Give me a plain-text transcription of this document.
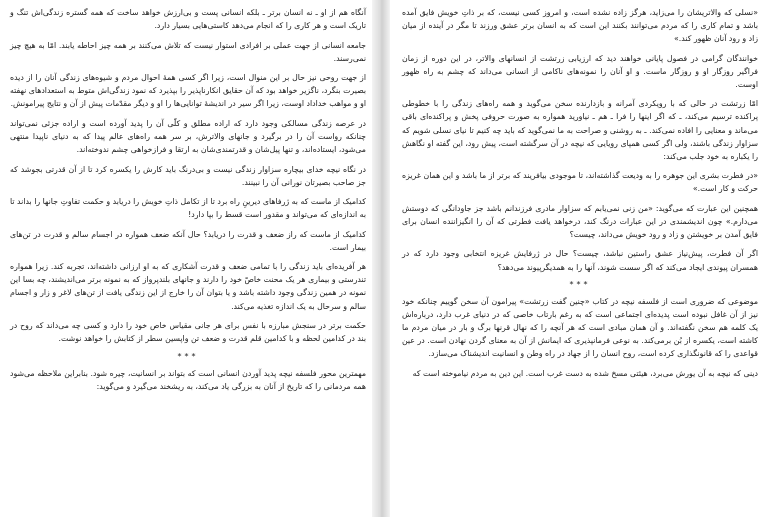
آنگاه هم از او ـ نه انسان برتر ـ بلکه انسانی پست و بی‌ارزش خواهد ساخت که همه گستره زندگی‌اش تنگ و تاریک است و هر کاری را که انجام می‌دهد کاستی‌هایی بسیار دارد.

جامعه انسانی از جهت عملی بر افرادی استوار نیست که تلاش می‌کنند بر همه چیز احاطه یابند. امّا به هیچ چیز نمی‌رسند.

از جهت روحی نیز حال بر این منوال است، زیرا اگر کسی همهٔ احوال مردم و شیوه‌های زندگی آنان را از دیده بصیرت بنگرد، ناگزیر خواهد بود که آن حقایق انکارناپذیر را بپذیرد که نمود زندگی‌اش متوط به استعدادهای نهفته او و مواهب خداداد اوست، زیرا اگر سیر در اندیشهٔ توانایی‌ها را او و دیگر مقدّمات پیش از آن و نتایج پیرامونش.

در عرصه زندگی مسالکی وجود دارد که اراده مطلق و کلّی آن را پدید آورده است و اراده جزئی نمی‌تواند چنانکه روا‌ست آن را در برگیرد و جانهای والاترش، بر سر همه راه‌های عالم پیدا که به دنیای ناپیدا منتهی می‌شود، ایستاده‌اند، و تنها پیل‌شان و قدرتمندی‌شان به ارتقا و فرازخواهی چشم ندوخته‌اند.

در نگاه نیچه خدای بیچاره سزاوار زندگی نیست و بی‌درنگ باید کارش را یکسره کرد تا از آن قدرتی بجوشد که جز صاحب بصیرتان نورانی آن را نبینند.

کدامیک از ماست که به ژرفاهای دیرینِ راه برد تا از تکامل ذاتِ خویش را دریابد و حکمت تفاوتِ جانها را بداند تا به اندازه‌ای که می‌تواند و مقدور است قسط را بپا دارد!

کدامیک از ماست که راز ضعف و قدرت را دریابد؟ حال آنکه ضعف همواره در اجسام سالم و قدرت در تن‌های بیمار است.

هر آفریده‌ای باید زندگی را با تمامی ضعف و قدرت آشکاری که به او ارزانی داشته‌اند، تجربه کند. زیرا همواره تندرستی و بیماری هر یک محنت خاصّ خود را دارند و جانهای بلندپرواز که به نمونه برتر می‌اندیشند، چه بسا این نمونه در همین زندگی وجود داشته باشد و یا بتوان آن را خارج از این زندگی یافت از تن‌های لاغر و زار و اجسام سالم و سرحال به یک اندازه تغذیه می‌کند.

حکمت برتر در سنجش مبارزه با نفس برای هر جانی مقیاس خاص خود را دارد و کسی چه می‌داند که روح در بند در کدامین لحظه و با کدامین قلم قدرت و ضعف تن واپسین سطر از کتابش را خواهد نوشت.

***

مهمترین محور فلسفه نیچه پدید آوردن انسانی است که بتواند بر انسانیت، چیره شود. بنابراین ملاحظه می‌شود همه مردمانی را که تاریخ از آنان به بزرگی یاد می‌کند، به ریشخند می‌گیرد و می‌گوید:

«نسلی که والاتریشان را می‌زاید، هرگز زاده نشده است، و امروز کسی نیست، که بر ذاتِ خویش فایق آمده باشد و تمام کاری را که مردم می‌توانند بکنند این است که به انسان برتر عشق ورزند تا مگر در آینده از میان زاد و رود آنان ظهور کند.»

خوانندگان گرامی در فصول پایانی خواهند دید که ارزیابی زرتشت از انسانهای والاتر، در این دوره از زمان فراگیر روزگار او و روزگار ماست. و او آنان را نمونه‌های ناکامی از انسانی می‌داند که چشم به راه ظهور اوست.

امّا زرتشت در حالی که با رویکردی آمرانه و بازدارنده سخن می‌گوید و همه راه‌های زندگی را با خطوطی پراکنده ترسیم می‌کند، ـ که اگر اینها را فرا ـ هم ـ نیاورید همواره به صورت حروفی پخش و پراکنده‌ای باقی می‌ماند و معنایی را افاده نمی‌کند. ـ به روشنی و صراحت به ما نمی‌گوید که باید چه کنیم تا نیای نسلی شویم که سزاوار زندگی باشند، ولی اگر کسی همپای رویایی که نیچه در آن سرگشته است، پیش رود، این گفته او نگاهش را یکباره به خود جلب می‌کند:

«در فطرت بشری این جوهره را به ودیعت گذاشته‌اند، تا موجودی بیافریند که برتر از ما باشد و این همان غریزه حرکت و کار است.»

همچنین این عبارت که می‌گوید: «من زنی نمی‌یابم که سزاوار مادری فرزندانم باشد جز جاودانگی که دوستش می‌دارم.» چون اندیشمندی در این عبارات درنگ کند، درخواهد یافت فطرتی که آن را انگیزاننده انسان برای فایق آمدن بر خویشتن و زاد و رود خویش می‌داند، چیست؟

اگر آن فطرت، پیش‌نیاز عشق راستین نباشد، چیست؟ حال در ژرفایش غریزه انتخابی وجود دارد که در همسران پیوندی ایجاد می‌کند که اگر سست شوند، آنها را به همدیگرپیوند می‌دهد؟

***

موضوعی که ضروری است از فلسفه نیچه در کتاب «چنین گفت زرتشت» پیرامون آن سخن گوییم چنانکه خود نیز از آن غافل نبوده است پدیده‌ای اجتماعی است که به رغم بارتاب خاصی که در دنیای غرب دارد، درباره‌اش یک کلمه هم سخن نگفته‌اند. و آن همان مبادی است که هر آنچه را که نهال قرنها برگ و بار در میان مردم ما کاشته است، یکسره از بُن برمی‌کند. به نوعی فرمانپذیری که ایمانش از آن به معنای گردن نهادن است. در عین قواعدی را که قانونگذاری کرده است، روح انسان را از جهاد در راه وطن و انسانیت اندیشناک می‌سازد.

دینی که نیچه به آن یورش می‌برد، هیئتی مسخ شده به دست غرب است. این دین به مردم نیامو‌خته است که
